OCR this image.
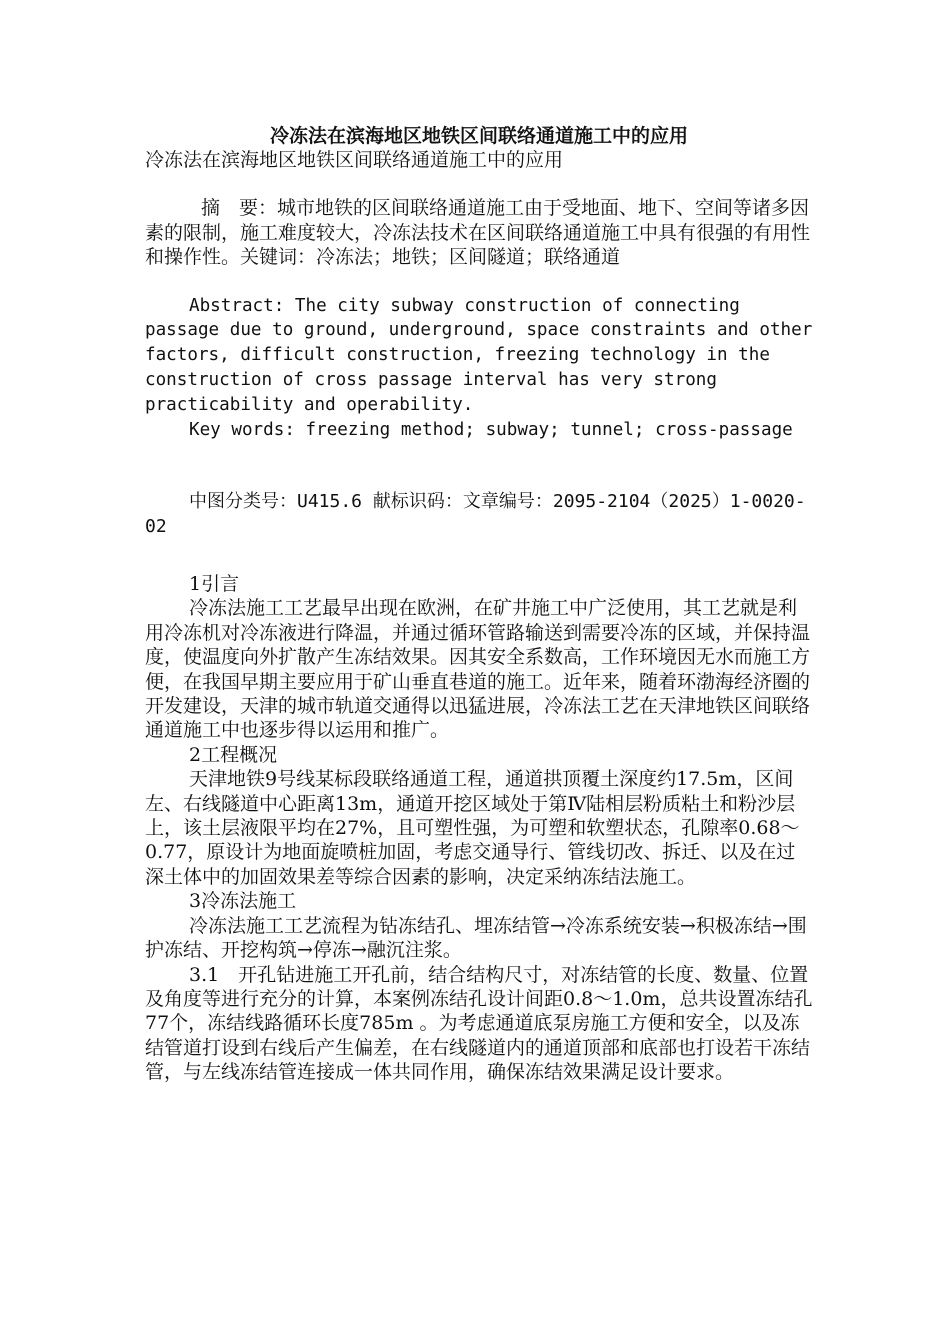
冷冻法在滨海地区地铁区间联络通道施工中的应用

冷冻法在滨海地区地铁区间联络通道施工中的应用

摘　要：城市地铁的区间联络通道施工由于受地面、地下、空间等诸多因素的限制，施工难度较大，冷冻法技术在区间联络通道施工中具有很强的有用性和操作性。关键词：冷冻法；地铁；区间隧道；联络通道

Abstract: The city subway construction of connecting passage due to ground, underground, space constraints and other factors, difficult construction, freezing technology in the construction of cross passage interval has very strong practicability and operability.

Key words: freezing method; subway; tunnel; cross-passage

中图分类号：U415.6 献标识码：文章编号：2095-2104（2025）1-0020-02

1引言

冷冻法施工工艺最早出现在欧洲，在矿井施工中广泛使用，其工艺就是利用冷冻机对冷冻液进行降温，并通过循环管路输送到需要冷冻的区域，并保持温度，使温度向外扩散产生冻结效果。因其安全系数高，工作环境因无水而施工方便，在我国早期主要应用于矿山垂直巷道的施工。近年来，随着环渤海经济圈的开发建设，天津的城市轨道交通得以迅猛进展，冷冻法工艺在天津地铁区间联络通道施工中也逐步得以运用和推广。

2工程概况

天津地铁9号线某标段联络通道工程，通道拱顶覆土深度约17.5m，区间左、右线隧道中心距离13m，通道开挖区域处于第Ⅳ陆相层粉质粘土和粉沙层上，该土层液限平均在27%，且可塑性强，为可塑和软塑状态，孔隙率0.68～0.77，原设计为地面旋喷桩加固，考虑交通导行、管线切改、拆迁、以及在过深土体中的加固效果差等综合因素的影响，决定采纳冻结法施工。

3冷冻法施工

冷冻法施工工艺流程为钻冻结孔、埋冻结管→冷冻系统安装→积极冻结→围护冻结、开挖构筑→停冻→融沉注浆。

3.1　开孔钻进施工开孔前，结合结构尺寸，对冻结管的长度、数量、位置及角度等进行充分的计算，本案例冻结孔设计间距0.8～1.0m，总共设置冻结孔77个，冻结线路循环长度785m 。为考虑通道底泵房施工方便和安全，以及冻结管道打设到右线后产生偏差，在右线隧道内的通道顶部和底部也打设若干冻结管，与左线冻结管连接成一体共同作用，确保冻结效果满足设计要求。
